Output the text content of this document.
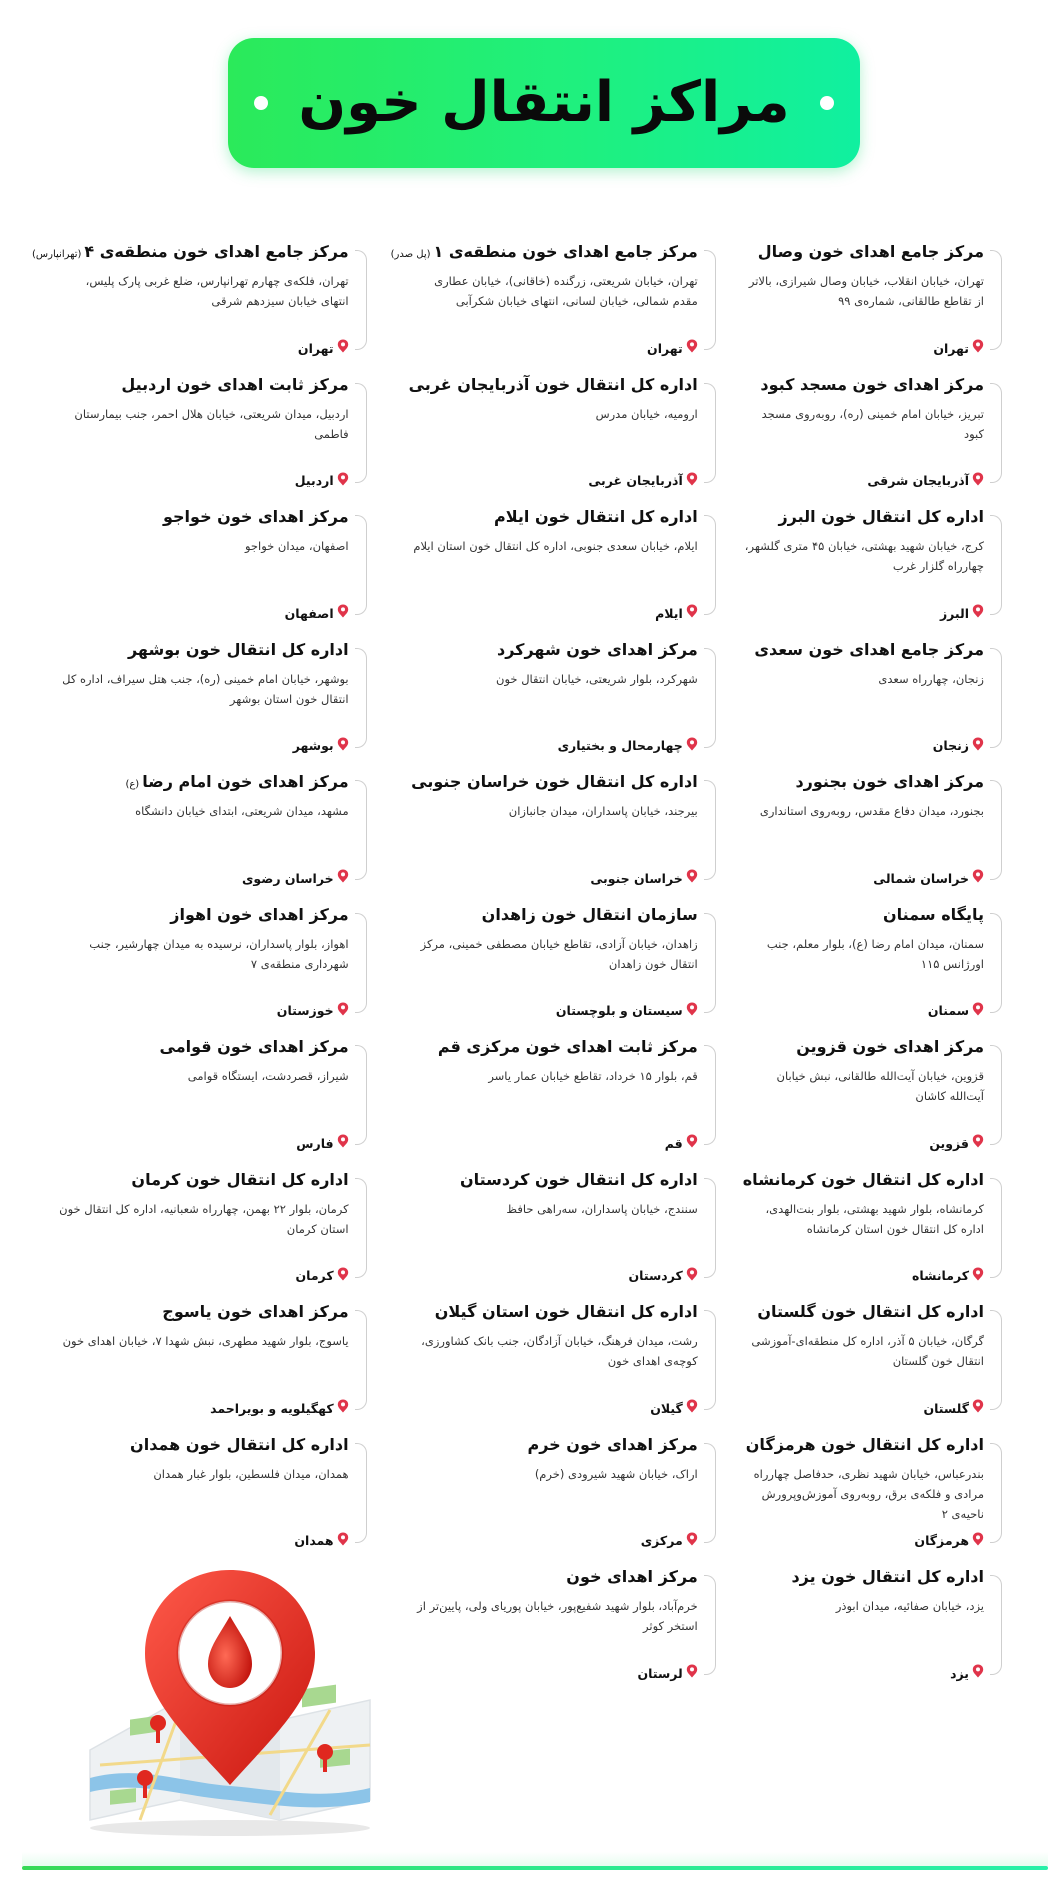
مراکز انتقال خون
مرکز جامع اهدای خون وصال
تهران، خیابان انقلاب، خیابان وصال شیرازی، بالاتر از تقاطع طالقانی، شماره‌ی ۹۹
تهران
مرکز جامع اهدای خون منطقه‌ی ۱(پل صدر)
تهران، خیابان شریعتی، زرگنده (خاقانی)، خیابان عطاری مقدم شمالی، خیابان لسانی، انتهای خیابان شکرآبی
تهران
مرکز جامع اهدای خون منطقه‌ی ۴(تهرانپارس)
تهران، فلکه‌ی چهارم تهرانپارس، ضلع غربی پارک پلیس، انتهای خیابان سیزدهم شرقی
تهران
مرکز اهدای خون مسجد کبود
تبریز، خیابان امام خمینی (ره)، روبه‌روی مسجد کبود
آذربایجان شرقی
اداره کل انتقال خون آذربایجان غربی
ارومیه، خیابان مدرس
آذربایجان غربی
مرکز ثابت اهدای خون اردبیل
اردبیل، میدان شریعتی، خیابان هلال احمر، جنب بیمارستان فاطمی
اردبیل
اداره کل انتقال خون البرز
کرج، خیابان شهید بهشتی، خیابان ۴۵ متری گلشهر، چهارراه گلزار غرب
البرز
اداره کل انتقال خون ایلام
ایلام، خیابان سعدی جنوبی، اداره کل انتقال خون استان ایلام
ایلام
مرکز اهدای خون خواجو
اصفهان، میدان خواجو
اصفهان
مرکز جامع اهدای خون سعدی
زنجان، چهارراه سعدی
زنجان
مرکز اهدای خون شهرکرد
شهرکرد، بلوار شریعتی، خیابان انتقال خون
چهارمحال و بختیاری
اداره کل انتقال خون بوشهر
بوشهر، خیابان امام خمینی (ره)، جنب هتل سیراف، اداره کل انتقال خون استان بوشهر
بوشهر
مرکز اهدای خون بجنورد
بجنورد، میدان دفاع مقدس، روبه‌روی استانداری
خراسان شمالی
اداره کل انتقال خون خراسان جنوبی
بیرجند، خیابان پاسداران، میدان جانبازان
خراسان جنوبی
مرکز اهدای خون امام رضا(ع)
مشهد، میدان شریعتی، ابتدای خیابان دانشگاه
خراسان رضوی
پایگاه سمنان
سمنان، میدان امام رضا (ع)، بلوار معلم، جنب اورژانس ۱۱۵
سمنان
سازمان انتقال خون زاهدان
زاهدان، خیابان آزادی، تقاطع خیابان مصطفی خمینی، مرکز انتقال خون زاهدان
سیستان و بلوچستان
مرکز اهدای خون اهواز
اهواز، بلوار پاسداران، نرسیده به میدان چهارشیر، جنب شهرداری منطقه‌ی ۷
خوزستان
مرکز اهدای خون قزوین
قزوین، خیابان آیت‌الله طالقانی، نبش خیابان آیت‌الله کاشان
قزوین
مرکز ثابت اهدای خون مرکزی قم
قم، بلوار ۱۵ خرداد، تقاطع خیابان عمار یاسر
قم
مرکز اهدای خون قوامی
شیراز، قصردشت، ایستگاه قوامی
فارس
اداره کل انتقال خون کرمانشاه
کرمانشاه، بلوار شهید بهشتی، بلوار بنت‌الهدی، اداره کل انتقال خون استان کرمانشاه
کرمانشاه
اداره کل انتقال خون کردستان
سنندج، خیابان پاسداران، سه‌راهی حافظ
کردستان
اداره کل انتقال خون کرمان
کرمان، بلوار ۲۲ بهمن، چهارراه شعبانیه، اداره کل انتقال خون استان کرمان
کرمان
اداره کل انتقال خون گلستان
گرگان، خیابان ۵ آذر، اداره کل منطقه‌ای-آموزشی انتقال خون گلستان
گلستان
اداره کل انتقال خون استان گیلان
رشت، میدان فرهنگ، خیابان آزادگان، جنب بانک کشاورزی، کوچه‌ی اهدای خون
گیلان
مرکز اهدای خون یاسوج
یاسوج، بلوار شهید مطهری، نبش شهدا ۷، خیابان اهدای خون
کهگیلویه و بویراحمد
اداره کل انتقال خون هرمزگان
بندرعباس، خیابان شهید نظری، حدفاصل چهارراه مرادی و فلکه‌ی برق، روبه‌روی آموزش‌وپرورش ناحیه‌ی ۲
هرمزگان
مرکز اهدای خون خرم
اراک، خیابان شهید شیرودی (خرم)
مرکزی
اداره کل انتقال خون همدان
همدان، میدان فلسطین، بلوار غبار همدان
همدان
اداره کل انتقال خون یزد
یزد، خیابان صفائیه، میدان ابوذر
یزد
مرکز اهدای خون
خرم‌آباد، بلوار شهید شفیع‌پور، خیابان پوریای ولی، پایین‌تر از استخر کوثر
لرستان
